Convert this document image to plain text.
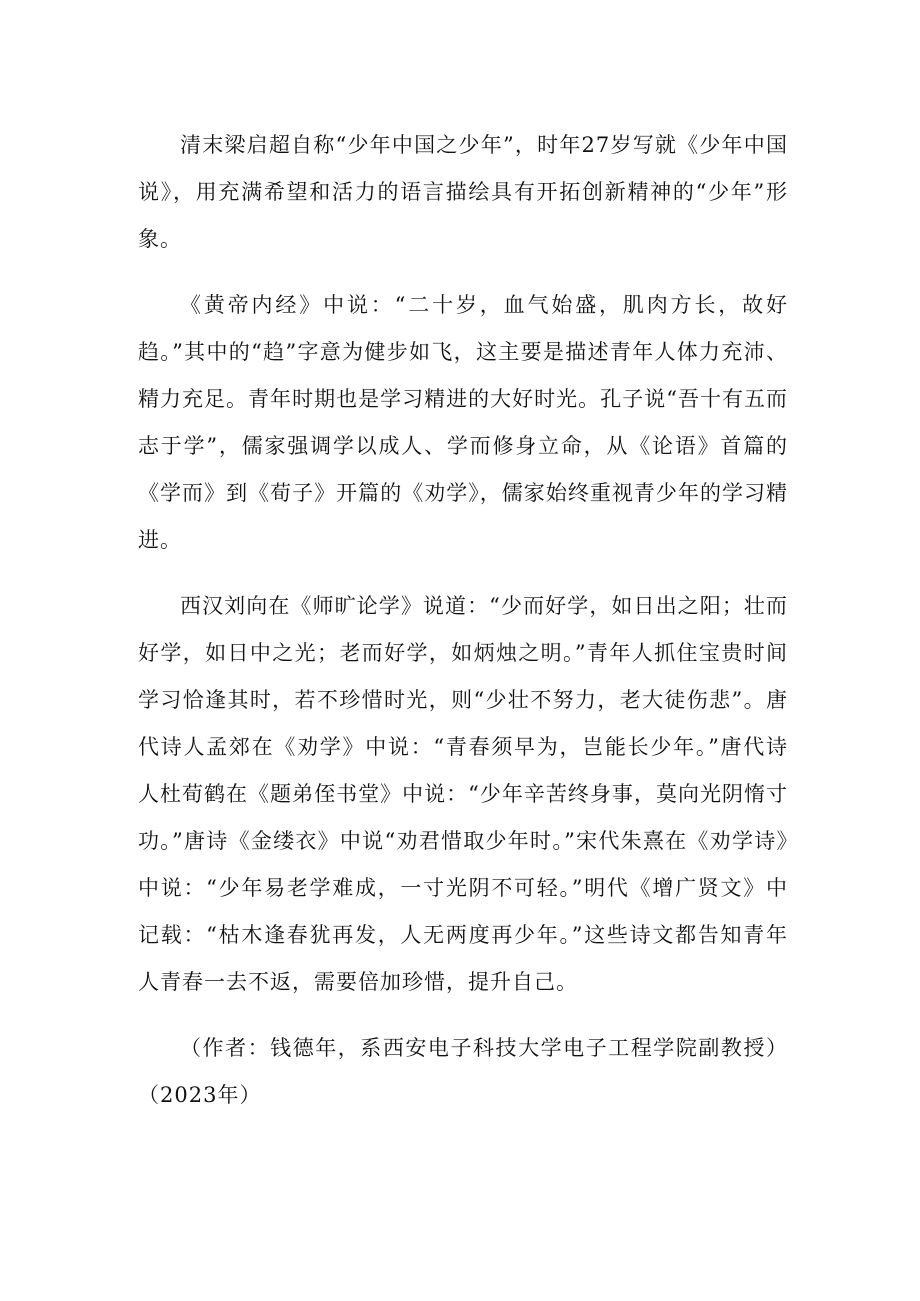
清末梁启超自称“少年中国之少年”，时年27岁写就《少年中国说》，用充满希望和活力的语言描绘具有开拓创新精神的“少年”形象。

《黄帝内经》中说：“二十岁，血气始盛，肌肉方长，故好趋。”其中的“趋”字意为健步如飞，这主要是描述青年人体力充沛、精力充足。青年时期也是学习精进的大好时光。孔子说“吾十有五而志于学”，儒家强调学以成人、学而修身立命，从《论语》首篇的《学而》到《荀子》开篇的《劝学》，儒家始终重视青少年的学习精进。

西汉刘向在《师旷论学》说道：“少而好学，如日出之阳；壮而好学，如日中之光；老而好学，如炳烛之明。”青年人抓住宝贵时间学习恰逢其时，若不珍惜时光，则“少壮不努力，老大徒伤悲”。唐代诗人孟郊在《劝学》中说：“青春须早为，岂能长少年。”唐代诗人杜荀鹤在《题弟侄书堂》中说：“少年辛苦终身事，莫向光阴惰寸功。”唐诗《金缕衣》中说“劝君惜取少年时。”宋代朱熹在《劝学诗》中说：“少年易老学难成，一寸光阴不可轻。”明代《增广贤文》中记载：“枯木逢春犹再发，人无两度再少年。”这些诗文都告知青年人青春一去不返，需要倍加珍惜，提升自己。

（作者：钱德年，系西安电子科技大学电子工程学院副教授）（2023年）
